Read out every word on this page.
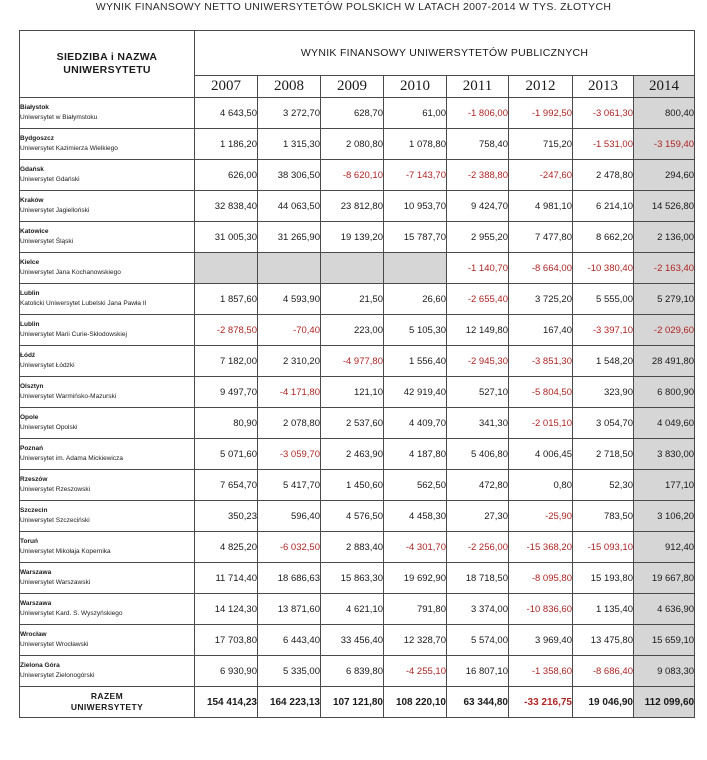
WYNIK FINANSOWY NETTO UNIWERSYTETÓW POLSKICH W LATACH 2007-2014 W TYS. ZŁOTYCH
SIEDZIBA i NAZWA
UNIWERSYTETU	WYNIK FINANSOWY UNIWERSYTETÓW PUBLICZNYCH							
	2007	2008	2009	2010	2011	2012	2013	2014

Białystok
Uniwersytet w Białymstoku	4 643,50	3 272,70	628,70	61,00	-1 806,00	-1 992,50	-3 061,30	800,40

Bydgoszcz
Uniwersytet Kazimierza Wielkiego	1 186,20	1 315,30	2 080,80	1 078,80	758,40	715,20	-1 531,00	-3 159,40

Gdańsk
Uniwersytet Gdański	626,00	38 306,50	-8 620,10	-7 143,70	-2 388,80	-247,60	2 478,80	294,60

Kraków
Uniwersytet Jagielloński	32 838,40	44 063,50	23 812,80	10 953,70	9 424,70	4 981,10	6 214,10	14 526,80

Katowice
Uniwersytet Śląski	31 005,30	31 265,90	19 139,20	15 787,70	2 955,20	7 477,80	8 662,20	2 136,00

Kielce
Uniwersytet Jana Kochanowskiego					-1 140,70	-8 664,00	-10 380,40	-2 163,40

Lublin
Katolicki Uniwersytet Lubelski Jana Pawła II	1 857,60	4 593,90	21,50	26,60	-2 655,40	3 725,20	5 555,00	5 279,10

Lublin
Uniwersytet Marii Curie-Skłodowskiej	-2 878,50	-70,40	223,00	5 105,30	12 149,80	167,40	-3 397,10	-2 029,60

Łódź
Uniwersytet Łódzki	7 182,00	2 310,20	-4 977,80	1 556,40	-2 945,30	-3 851,30	1 548,20	28 491,80

Olsztyn
Uniwersytet Warmińsko-Mazurski	9 497,70	-4 171,80	121,10	42 919,40	527,10	-5 804,50	323,90	6 800,90

Opole
Uniwersytet Opolski	80,90	2 078,80	2 537,60	4 409,70	341,30	-2 015,10	3 054,70	4 049,60

Poznań
Uniwersytet im. Adama Mickiewicza	5 071,60	-3 059,70	2 463,90	4 187,80	5 406,80	4 006,45	2 718,50	3 830,00

Rzeszów
Uniwersytet Rzeszowski	7 654,70	5 417,70	1 450,60	562,50	472,80	0,80	52,30	177,10

Szczecin
Uniwersytet Szczeciński	350,23	596,40	4 576,50	4 458,30	27,30	-25,90	783,50	3 106,20

Toruń
Uniwersytet Mikołaja Kopernika	4 825,20	-6 032,50	2 883,40	-4 301,70	-2 256,00	-15 368,20	-15 093,10	912,40

Warszawa
Uniwersytet Warszawski	11 714,40	18 686,63	15 863,30	19 692,90	18 718,50	-8 095,80	15 193,80	19 667,80

Warszawa
Uniwersytet Kard. S. Wyszyńskiego	14 124,30	13 871,60	4 621,10	791,80	3 374,00	-10 836,60	1 135,40	4 636,90

Wrocław
Uniwersytet Wrocławski	17 703,80	6 443,40	33 456,40	12 328,70	5 574,00	3 969,40	13 475,80	15 659,10

Zielona Góra
Uniwersytet Zielonogórski	6 930,90	5 335,00	6 839,80	-4 255,10	16 807,10	-1 358,60	-8 686,40	9 083,30
RAZEM
UNIWERSYTETY	154 414,23	164 223,13	107 121,80	108 220,10	63 344,80	-33 216,75	19 046,90	112 099,60
